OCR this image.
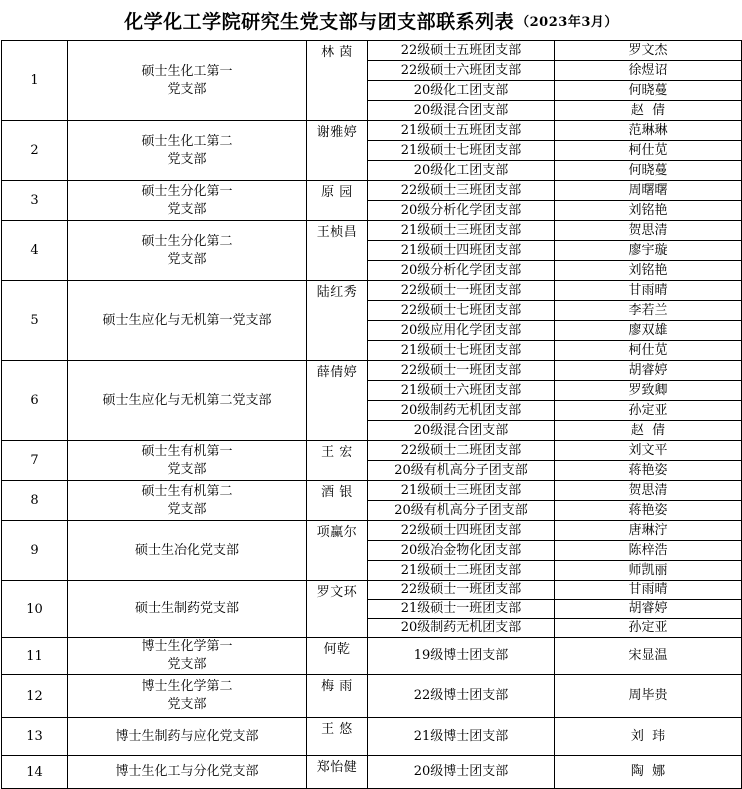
化学化工学院研究生党支部与团支部联系列表 （2023年3月）
1	硕士生化工第一
党支部	林 茵	22级硕士五班团支部	罗文杰
			22级硕士六班团支部	徐煜诏
			20级化工团支部	何晓蔓
			20级混合团支部	赵  倩
2	硕士生化工第二
党支部	谢雅婷	21级硕士五班团支部	范琳琳
			21级硕士七班团支部	柯仕苋
			20级化工团支部	何晓蔓
3	硕士生分化第一
党支部	原 园	22级硕士三班团支部	周曙曙
			20级分析化学团支部	刘铭艳
4	硕士生分化第二
党支部	王桢昌	21级硕士三班团支部	贺思清
			21级硕士四班团支部	廖宇璇
			20级分析化学团支部	刘铭艳
5	硕士生应化与无机第一党支部	陆红秀	22级硕士一班团支部	甘雨晴
			22级硕士七班团支部	李若兰
			20级应用化学团支部	廖双雄
			21级硕士七班团支部	柯仕苋
6	硕士生应化与无机第二党支部	薛倩婷	22级硕士一班团支部	胡睿婷
			21级硕士六班团支部	罗致卿
			20级制药无机团支部	孙定亚
			20级混合团支部	赵  倩
7	硕士生有机第一
党支部	王 宏	22级硕士二班团支部	刘文平
			20级有机高分子团支部	蒋艳姿
8	硕士生有机第二
党支部	酒 银	21级硕士三班团支部	贺思清
			20级有机高分子团支部	蒋艳姿
9	硕士生冶化党支部	项赢尔	22级硕士四班团支部	唐琳泞
			20级冶金物化团支部	陈梓浩
			21级硕士二班团支部	师凯丽
10	硕士生制药党支部	罗文环	22级硕士一班团支部	甘雨晴
			21级硕士一班团支部	胡睿婷
			20级制药无机团支部	孙定亚
11	博士生化学第一
党支部	何乾	19级博士团支部	宋显温
12	博士生化学第二
党支部	梅 雨	22级博士团支部	周毕贵
13	博士生制药与应化党支部	王 悠	21级博士团支部	刘  玮
14	博士生化工与分化党支部	郑怡健	20级博士团支部	陶  娜
